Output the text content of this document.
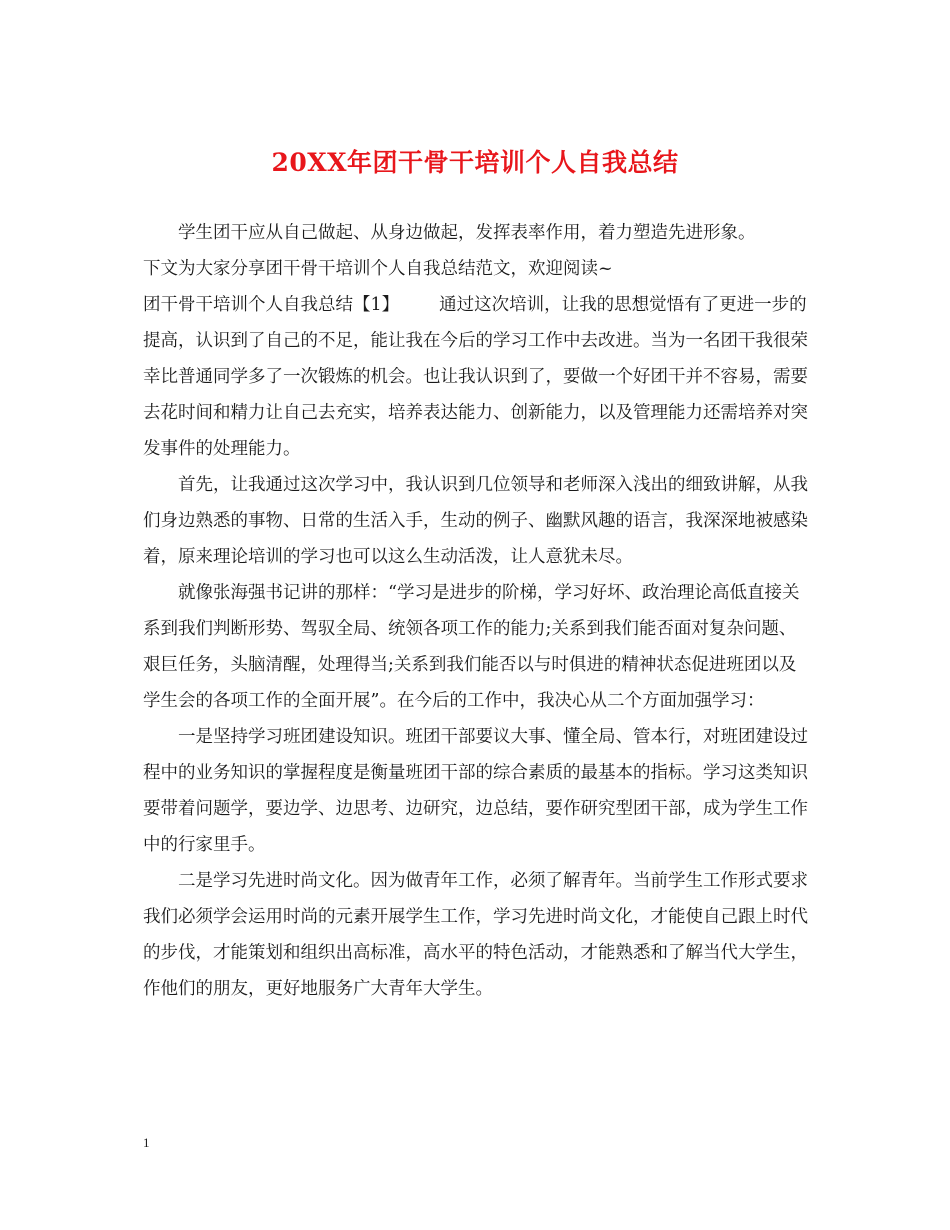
20XX年团干骨干培训个人自我总结

学生团干应从自己做起、从身边做起，发挥表率作用，着力塑造先进形象。

下文为大家分享团干骨干培训个人自我总结范文，欢迎阅读~

团干骨干培训个人自我总结【1】 通过这次培训，让我的思想觉悟有了更进一步的提高，认识到了自己的不足，能让我在今后的学习工作中去改进。当为一名团干我很荣幸比普通同学多了一次锻炼的机会。也让我认识到了，要做一个好团干并不容易，需要去花时间和精力让自己去充实，培养表达能力、创新能力，以及管理能力还需培养对突发事件的处理能力。

首先，让我通过这次学习中，我认识到几位领导和老师深入浅出的细致讲解，从我们身边熟悉的事物、日常的生活入手，生动的例子、幽默风趣的语言，我深深地被感染着，原来理论培训的学习也可以这么生动活泼，让人意犹未尽。

就像张海强书记讲的那样：“学习是进步的阶梯，学习好坏、政治理论高低直接关系到我们判断形势、驾驭全局、统领各项工作的能力;关系到我们能否面对复杂问题、艰巨任务，头脑清醒，处理得当;关系到我们能否以与时俱进的精神状态促进班团以及学生会的各项工作的全面开展”。在今后的工作中，我决心从二个方面加强学习：

一是坚持学习班团建设知识。班团干部要议大事、懂全局、管本行，对班团建设过程中的业务知识的掌握程度是衡量班团干部的综合素质的最基本的指标。学习这类知识要带着问题学，要边学、边思考、边研究，边总结，要作研究型团干部，成为学生工作中的行家里手。

二是学习先进时尚文化。因为做青年工作，必须了解青年。当前学生工作形式要求我们必须学会运用时尚的元素开展学生工作，学习先进时尚文化，才能使自己跟上时代的步伐，才能策划和组织出高标准，高水平的特色活动，才能熟悉和了解当代大学生，作他们的朋友，更好地服务广大青年大学生。

1
